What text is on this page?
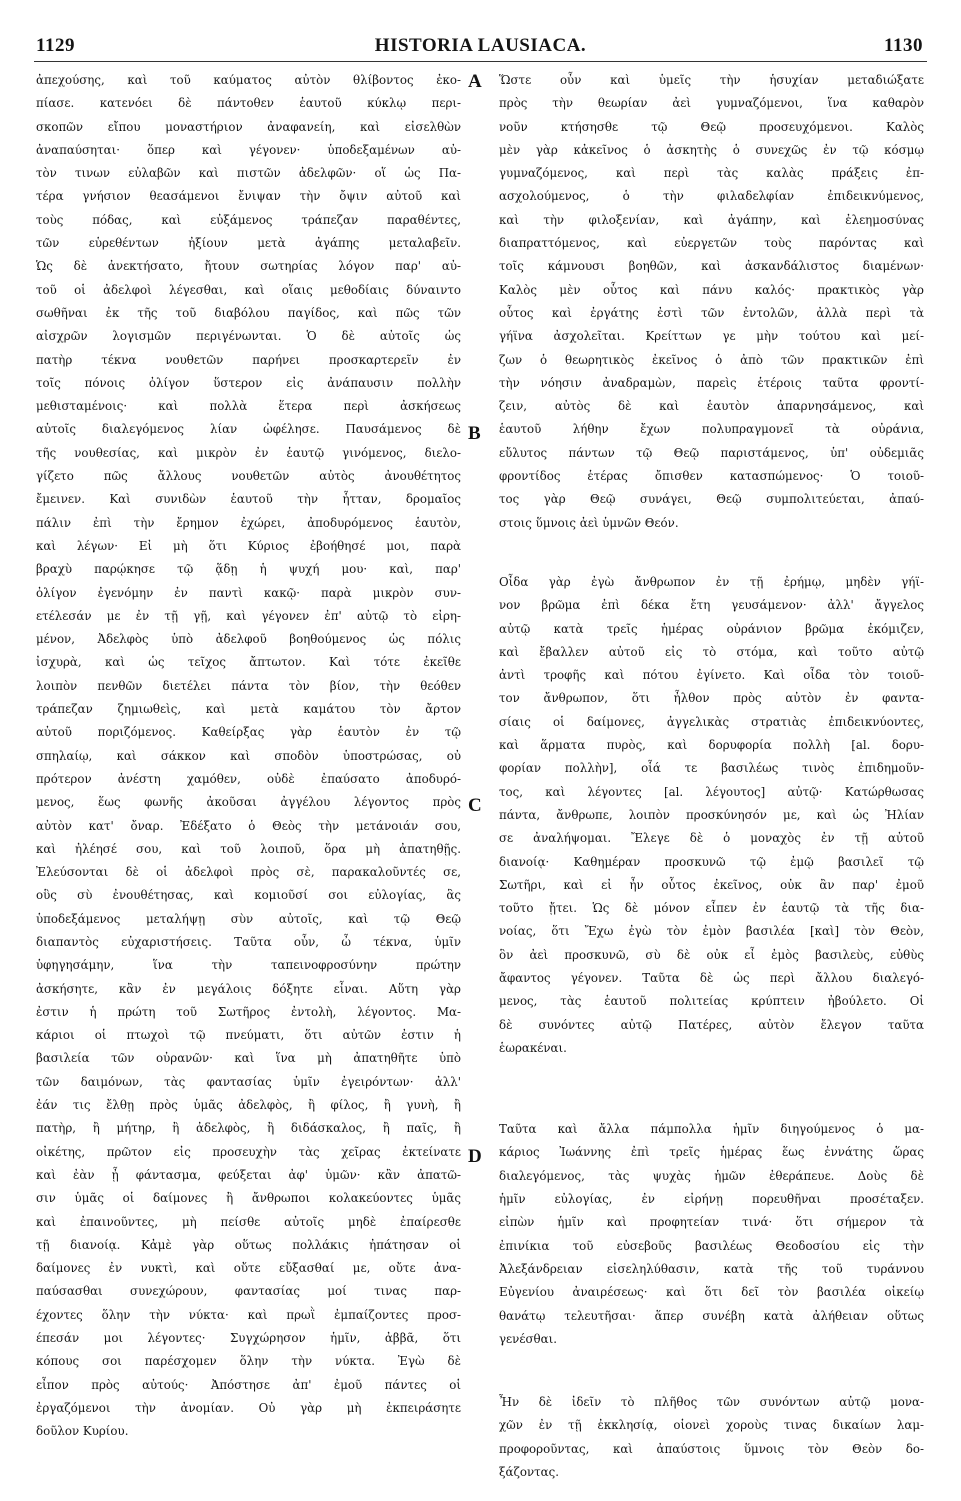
1129	HISTORIA LAUSIACA.	1130
A
B
C
D
ἀπεχούσης, καὶ τοῦ καύματος αὐτὸν θλίβοντος ἐκο-
πίασε. κατενόει δὲ πάντοθεν ἑαυτοῦ κύκλῳ περι-
σκοπῶν εἴπου μοναστήριον ἀναφανείη, καὶ εἰσελθὼν
ἀναπαύσηται· ὅπερ καὶ γέγονεν· ὑποδεξαμένων αὐ-
τὸν τινων εὐλαβῶν καὶ πιστῶν ἀδελφῶν· οἵ ὡς Πα-
τέρα γνήσιον θεασάμενοι ἔνιψαν τὴν ὄψιν αὐτοῦ καὶ
τοὺς πόδας, καὶ εὐξάμενος τράπεζαν παραθέντες,
τῶν εὑρεθέντων ἠξίουν μετὰ ἀγάπης μεταλαβεῖν.
Ὡς δὲ ἀνεκτήσατο, ἤτουν σωτηρίας λόγον παρ' αὐ-
τοῦ οἱ ἀδελφοὶ λέγεσθαι, καὶ οἵαις μεθοδίαις δύναιντο
σωθῆναι ἐκ τῆς τοῦ διαβόλου παγίδος, καὶ πῶς τῶν
αἰσχρῶν λογισμῶν περιγένωνται. Ὁ δὲ αὐτοῖς ὡς
πατὴρ τέκνα νουθετῶν παρήνει προσκαρτερεῖν ἐν
τοῖς πόνοις ὀλίγον ὕστερον εἰς ἀνάπαυσιν πολλὴν
μεθισταμένοις· καὶ πολλὰ ἕτερα περὶ ἀσκήσεως
αὐτοῖς διαλεγόμενος λίαν ὠφέλησε. Παυσάμενος δὲ
τῆς νουθεσίας, καὶ μικρὸν ἐν ἑαυτῷ γινόμενος, διελο-
γίζετο πῶς ἄλλους νουθετῶν αὐτὸς ἀνουθέτητος
ἔμεινεν. Καὶ συνιδὼν ἑαυτοῦ τὴν ἧτταν, δρομαῖος
πάλιν ἐπὶ τὴν ἔρημον ἐχώρει, ἀποδυρόμενος ἑαυτὸν,
καὶ λέγων· Εἰ μὴ ὅτι Κύριος ἐβοήθησέ μοι, παρὰ
βραχὺ παρῴκησε τῷ ᾅδῃ ἡ ψυχή μου· καὶ, παρ'
ὀλίγον ἐγενόμην ἐν παντὶ κακῷ· παρὰ μικρὸν συν-
ετέλεσάν με ἐν τῇ γῇ, καὶ γέγονεν ἐπ' αὐτῷ τὸ εἰρη-
μένον, Ἀδελφὸς ὑπὸ ἀδελφοῦ βοηθούμενος ὡς πόλις
ἰσχυρὰ, καὶ ὡς τεῖχος ἄπτωτον. Καὶ τότε ἐκεῖθε
λοιπὸν πενθῶν διετέλει πάντα τὸν βίον, τὴν θεόθεν
τράπεζαν ζημιωθεὶς, καὶ μετὰ καμάτου τὸν ἄρτον
αὐτοῦ ποριζόμενος. Καθείρξας γὰρ ἑαυτὸν ἐν τῷ
σπηλαίῳ, καὶ σάκκον καὶ σποδὸν ὑποστρώσας, οὐ
πρότερον ἀνέστη χαμόθεν, οὐδὲ ἐπαύσατο ἀποδυρό-
μενος, ἕως φωνῆς ἀκοῦσαι ἀγγέλου λέγοντος πρὸς
αὐτὸν κατ' ὄναρ. Ἐδέξατο ὁ Θεὸς τὴν μετάνοιάν σου,
καὶ ἠλέησέ σου, καὶ τοῦ λοιποῦ, ὅρα μὴ ἀπατηθῇς.
Ἐλεύσονται δὲ οἱ ἀδελφοὶ πρὸς σὲ, παρακαλοῦντές σε,
οὓς σὺ ἐνουθέτησας, καὶ κομιοῦσί σοι εὐλογίας, ἃς
ὑποδεξάμενος μεταλήψῃ σὺν αὐτοῖς, καὶ τῷ Θεῷ
διαπαντὸς εὐχαριστήσεις. Ταῦτα οὖν, ὦ τέκνα, ὑμῖν
ὑφηγησάμην, ἵνα τὴν ταπεινοφροσύνην πρώτην
ἀσκήσητε, κἂν ἐν μεγάλοις δόξητε εἶναι. Αὕτη γὰρ
ἐστιν ἡ πρώτη τοῦ Σωτῆρος ἐντολὴ, λέγοντος. Μα-
κάριοι οἱ πτωχοὶ τῷ πνεύματι, ὅτι αὐτῶν ἐστιν ἡ
βασιλεία τῶν οὐρανῶν· καὶ ἵνα μὴ ἀπατηθῆτε ὑπὸ
τῶν δαιμόνων, τὰς φαντασίας ὑμῖν ἐγειρόντων· ἀλλ'
ἐάν τις ἔλθῃ πρὸς ὑμᾶς ἀδελφὸς, ἢ φίλος, ἢ γυνὴ, ἢ
πατὴρ, ἢ μήτηρ, ἢ ἀδελφὸς, ἢ διδάσκαλος, ἢ παῖς, ἢ
οἰκέτης, πρῶτον εἰς προσευχὴν τὰς χεῖρας ἐκτείνατε
καὶ ἐὰν ᾖ φάντασμα, φεύξεται ἀφ' ὑμῶν· κἂν ἀπατῶ-
σιν ὑμᾶς οἱ δαίμονες ἢ ἄνθρωποι κολακεύοντες ὑμᾶς
καὶ ἐπαινοῦντες, μὴ πείσθε αὐτοῖς μηδὲ ἐπαίρεσθε
τῇ διανοίᾳ. Κἀμὲ γὰρ οὕτως πολλάκις ἠπάτησαν οἱ
δαίμονες ἐν νυκτὶ, καὶ οὔτε εὔξασθαί με, οὔτε ἀνα-
παύσασθαι συνεχώρουν, φαντασίας μοί τινας παρ-
έχοντες ὅλην τὴν νύκτα· καὶ πρωῒ ἐμπαίζοντες προσ-
έπεσάν μοι λέγοντες· Συγχώρησον ἡμῖν, ἀββᾶ, ὅτι
κόπους σοι παρέσχομεν ὅλην τὴν νύκτα. Ἐγὼ δὲ
εἶπον πρὸς αὐτούς· Ἀπόστησε ἀπ' ἐμοῦ πάντες οἱ
ἐργαζόμενοι τὴν ἀνομίαν. Οὐ γὰρ μὴ ἐκπειράσητε
δοῦλον Κυρίου.
Ὥστε οὖν καὶ ὑμεῖς τὴν ἡσυχίαν μεταδιώξατε
πρὸς τὴν θεωρίαν ἀεὶ γυμναζόμενοι, ἵνα καθαρὸν
νοῦν κτήσησθε τῷ Θεῷ προσευχόμενοι. Καλὸς
μὲν γὰρ κἀκεῖνος ὁ ἀσκητὴς ὁ συνεχῶς ἐν τῷ κόσμῳ
γυμναζόμενος, καὶ περὶ τὰς καλὰς πράξεις ἐπ-
ασχολούμενος, ὁ τὴν φιλαδελφίαν ἐπιδεικνύμενος,
καὶ τὴν φιλοξενίαν, καὶ ἀγάπην, καὶ ἐλεημοσύνας
διαπραττόμενος, καὶ εὐεργετῶν τοὺς παρόντας καὶ
τοῖς κάμνουσι βοηθῶν, καὶ ἀσκανδάλιστος διαμένων·
Καλὸς μὲν οὗτος καὶ πάνυ καλός· πρακτικὸς γὰρ
οὗτος καὶ ἐργάτης ἐστὶ τῶν ἐντολῶν, ἀλλὰ περὶ τὰ
γήϊνα ἀσχολεῖται. Κρείττων γε μὴν τούτου καὶ μεί-
ζων ὁ θεωρητικὸς ἐκεῖνος ὁ ἀπὸ τῶν πρακτικῶν ἐπὶ
τὴν νόησιν ἀναδραμὼν, παρεὶς ἑτέροις ταῦτα φροντί-
ζειν, αὐτὸς δὲ καὶ ἑαυτὸν ἀπαρνησάμενος, καὶ
ἑαυτοῦ λήθην ἔχων πολυπραγμονεῖ τὰ οὐράνια,
εὔλυτος πάντων τῷ Θεῷ παριστάμενος, ὑπ' οὐδεμιᾶς
φροντίδος ἑτέρας ὄπισθεν κατασπώμενος· Ὁ τοιοῦ-
τος γὰρ Θεῷ συνάγει, Θεῷ συμπολιτεύεται, ἀπαύ-
στοις ὕμνοις ἀεὶ ὑμνῶν Θεόν.
Οἶδα γὰρ ἐγὼ ἄνθρωπον ἐν τῇ ἐρήμῳ, μηδὲν γήϊ-
νον βρῶμα ἐπὶ δέκα ἔτη γευσάμενον· ἀλλ' ἄγγελος
αὐτῷ κατὰ τρεῖς ἡμέρας οὐράνιον βρῶμα ἐκόμιζεν,
καὶ ἔβαλλεν αὐτοῦ εἰς τὸ στόμα, καὶ τοῦτο αὐτῷ
ἀντὶ τροφῆς καὶ πότου ἐγίνετο. Καὶ οἶδα τὸν τοιοῦ-
τον ἄνθρωπον, ὅτι ἦλθον πρὸς αὐτὸν ἐν φαντα-
σίαις οἱ δαίμονες, ἀγγελικὰς στρατιὰς ἐπιδεικνύοντες,
καὶ ἅρματα πυρὸς, καὶ δορυφορία πολλὴ [al. δορυ-
φορίαν πολλὴν], οἷά τε βασιλέως τινὸς ἐπιδημοῦν-
τος, καὶ λέγοντες [al. λέγουτος] αὐτῷ· Κατώρθωσας
πάντα, ἄνθρωπε, λοιπὸν προσκύνησόν με, καὶ ὡς Ἠλίαν
σε ἀναλήψομαι. Ἔλεγε δὲ ὁ μοναχὸς ἐν τῇ αὐτοῦ
διανοίᾳ· Καθημέραν προσκυνῶ τῷ ἐμῷ βασιλεῖ τῷ
Σωτῆρι, καὶ εἰ ἦν οὗτος ἐκεῖνος, οὐκ ἂν παρ' ἐμοῦ
τοῦτο ᾔτει. Ὡς δὲ μόνον εἶπεν ἐν ἑαυτῷ τὰ τῆς δια-
νοίας, ὅτι Ἔχω ἐγὼ τὸν ἐμὸν βασιλέα [καὶ] τὸν Θεὸν,
ὃν ἀεὶ προσκυνῶ, σὺ δὲ οὐκ εἶ ἐμὸς βασιλεὺς, εὐθὺς
ἄφαντος γέγονεν. Ταῦτα δὲ ὡς περὶ ἄλλου διαλεγό-
μενος, τὰς ἑαυτοῦ πολιτείας κρύπτειν ἠβούλετο. Οἱ
δὲ συνόντες αὐτῷ Πατέρες, αὐτὸν ἔλεγον ταῦτα
ἑωρακέναι.
Ταῦτα καὶ ἄλλα πάμπολλα ἡμῖν διηγούμενος ὁ μα-
κάριος Ἰωάννης ἐπὶ τρεῖς ἡμέρας ἕως ἐννάτης ὥρας
διαλεγόμενος, τὰς ψυχὰς ἡμῶν ἐθεράπευε. Δοὺς δὲ
ἡμῖν εὐλογίας, ἐν εἰρήνῃ πορευθῆναι προσέταξεν.
εἰπὼν ἡμῖν καὶ προφητείαν τινά· ὅτι σήμερον τὰ
ἐπινίκια τοῦ εὐσεβοῦς βασιλέως Θεοδοσίου εἰς τὴν
Ἀλεξάνδρειαν εἰσεληλύθασιν, κατὰ τῆς τοῦ τυράννου
Εὐγενίου ἀναιρέσεως· καὶ ὅτι δεῖ τὸν βασιλέα οἰκείῳ
θανάτῳ τελευτῆσαι· ἅπερ συνέβη κατὰ ἀλήθειαν οὕτως
γενέσθαι.
Ἦν δὲ ἰδεῖν τὸ πλῆθος τῶν συνόντων αὐτῷ μονα-
χῶν ἐν τῇ ἐκκλησίᾳ, οἱονεὶ χοροὺς τινας δικαίων λαμ-
προφοροῦντας, καὶ ἀπαύστοις ὕμνοις τὸν Θεὸν δο-
ξάζοντας.
